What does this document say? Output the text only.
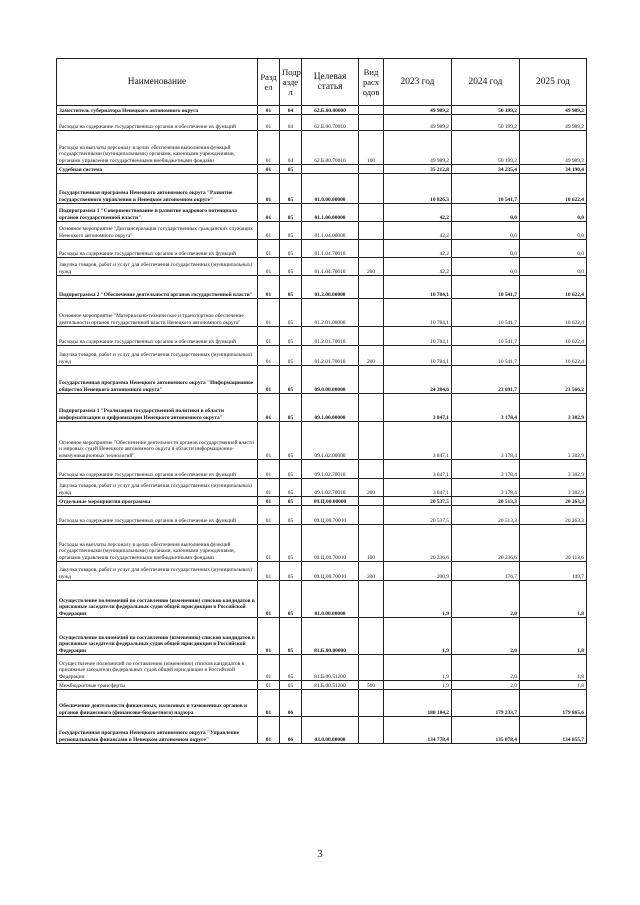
Наименование	Разд ел	Подр азде л	Целевая статья	Вид расх одов	2023 год	2024 год	2025 год
Заместитель губернатора Ненецкого автономного округа	01	04	62.Б.00.00000		49 989,2	50 199,2	49 989,2
Расходы на содержание государственных органов и обеспечение их функций	01	04	62.Б.00.70010		49 989,2	50 199,2	49 989,2
Расходы на выплаты персоналу в целях обеспечения выполнения функций государственными (муниципальными) органами, казенными учреждениями, органами управления государственными внебюджетными фондами	01	04	62.Б.00.70010	100	49 989,2	50 199,2	49 989,2
Судебная система	01	05			35 212,8	34 235,4	34 190,4
Государственная программа Ненецкого автономного округа "Развитие государственного управления в Ненецком автономном округе"	01	05	01.0.00.00000		10 826,3	10 541,7	10 622,4
Подпрограмма 1 "Совершенствование и развитие кадрового потенциала органов государственной власти"	01	05	01.1.00.00000		42,2	0,0	0,0
Основное мероприятие "Диспансеризация государственных гражданских служащих Ненецкого автономного округа"	01	05	01.1.04.00000		42,2	0,0	0,0
Расходы на содержание государственных органов и обеспечение их функций	01	05	01.1.04.70010		42,2	0,0	0,0
Закупка товаров, работ и услуг для обеспечения государственных (муниципальных) нужд	01	05	01.1.04.70010	200	42,2	0,0	0,0
Подпрограмма 2 "Обеспечение деятельности органов государственной власти"	01	05	01.2.00.00000		10 784,1	10 541,7	10 622,4
Основное мероприятие "Материально-техническое и транспортное обеспечение деятельности органов государственной власти Ненецкого автономного округа"	01	05	01.2.01.00000		10 784,1	10 541,7	10 622,4
Расходы на содержание государственных органов и обеспечение их функций	01	05	01.2.01.70010		10 784,1	10 541,7	10 622,4
Закупка товаров, работ и услуг для обеспечения государственных (муниципальных) нужд	01	05	01.2.01.70010	200	10 784,1	10 541,7	10 622,4
Государственная программа Ненецкого автономного округа "Информационное общество Ненецкого автономного округа"	01	05	09.0.00.00000		24 384,6	23 691,7	23 566,2
Подпрограмма 1 "Реализация государственной политики в области информатизации и цифровизации Ненецкого автономного округа"	01	05	09.1.00.00000		3 847,1	3 178,4	3 302,9
Основное мероприятие "Обеспечение деятельности органов государственной власти и мировых судей Ненецкого автономного округа в области информационно-коммуникационных технологий"	01	05	09.1.02.00000		3 847,1	3 178,4	3 302,9
Расходы на содержание государственных органов и обеспечение их функций	01	05	09.1.02.70010		3 847,1	3 178,4	3 302,9
Закупка товаров, работ и услуг для обеспечения государственных (муниципальных) нужд	01	05	09.1.02.70010	200	3 847,1	3 178,4	3 302,9
Отдельные мероприятия программы	01	05	09.Ц.00.00000		20 537,5	20 513,3	20 263,3
Расходы на содержание государственных органов и обеспечение их функций	01	05	09.Ц.00.70010		20 537,5	20 513,3	20 263,3
Расходы на выплаты персоналу в целях обеспечения выполнения функций государственными (муниципальными) органами, казенными учреждениями, органами управления государственными внебюджетными фондами	01	05	09.Ц.00.70010	100	20 336,6	20 336,6	20 113,6
Закупка товаров, работ и услуг для обеспечения государственных (муниципальных) нужд	01	05	09.Ц.00.70010	200	200,9	176,7	149,7
Осуществление полномочий по составлению (изменению) списков кандидатов в присяжные заседатели федеральных судов общей юрисдикции в Российской Федерации	01	05	81.0.00.00000		1,9	2,0	1,8
Осуществление полномочий по составлению (изменению) списков кандидатов в присяжные заседатели федеральных судов общей юрисдикции в Российской Федерации	01	05	81.Б.00.00000		1,9	2,0	1,8
Осуществление полномочий по составлению (изменению) списков кандидатов в присяжные заседатели федеральных судов общей юрисдикции в Российской Федерации	01	05	81.Б.00.51200		1,9	2,0	1,8
Межбюджетные трансферты	01	05	81.Б.00.51200	500	1,9	2,0	1,8
Обеспечение деятельности финансовых, налоговых и таможенных органов и органов финансового (финансово-бюджетного) надзора	01	06			180 184,2	179 233,7	179 865,6
Государственная программа Ненецкого автономного округа "Управление региональными финансами в Ненецком автономном округе"	01	06	03.0.00.00000		134 778,4	135 078,4	134 855,7
3
